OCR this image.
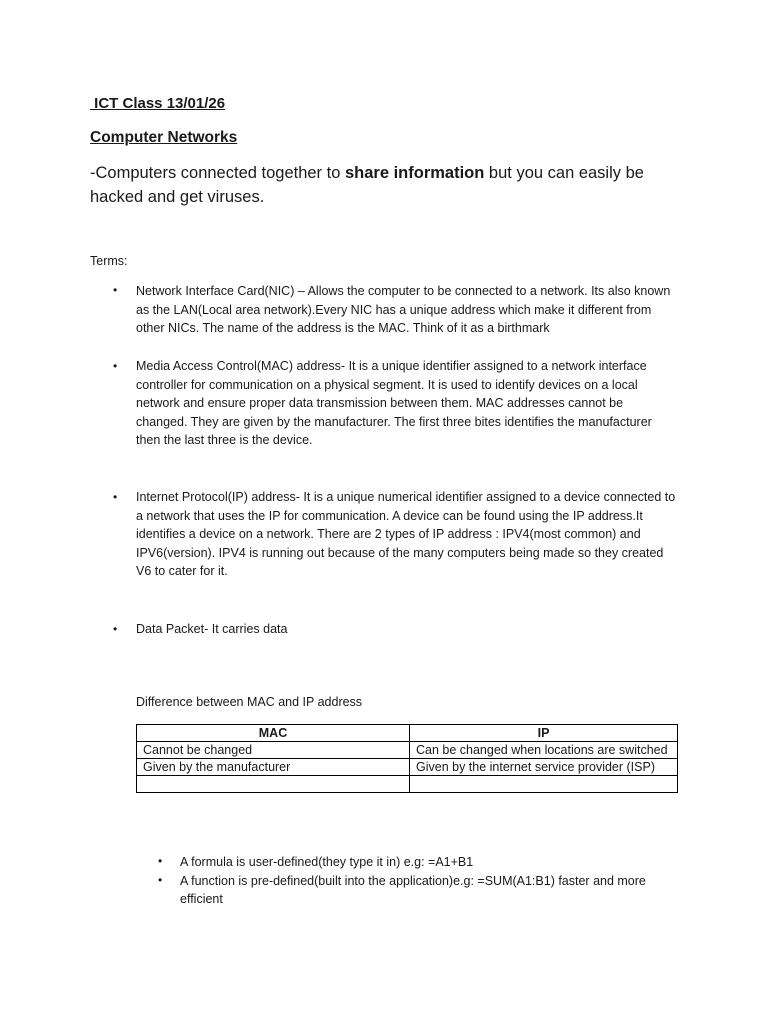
ICT Class 13/01/26
Computer Networks
-Computers connected together to share information but you can easily be hacked and get viruses.
Terms:
• Network Interface Card(NIC) – Allows the computer to be connected to a network. Its also known as the LAN(Local area network).Every NIC has a unique address which make it different from other NICs. The name of the address is the MAC. Think of it as a birthmark
• Media Access Control(MAC) address- It is a unique identifier assigned to a network interface controller for communication on a physical segment. It is used to identify devices on a local network and ensure proper data transmission between them. MAC addresses cannot be changed. They are given by the manufacturer. The first three bites identifies the manufacturer then the last three is the device.
• Internet Protocol(IP) address- It is a unique numerical identifier assigned to a device connected to a network that uses the IP for communication. A device can be found using the IP address.It identifies a device on a network. There are 2 types of IP address : IPV4(most common) and IPV6(version). IPV4 is running out because of the many computers being made so they created V6 to cater for it.
• Data Packet- It carries data
Difference between MAC and IP address
MAC	IP
Cannot be changed	Can be changed when locations are switched
Given by the manufacturer	Given by the internet service provider (ISP)

• A formula is user-defined(they type it in) e.g: =A1+B1
• A function is pre-defined(built into the application)e.g: =SUM(A1:B1) faster and more efficient
